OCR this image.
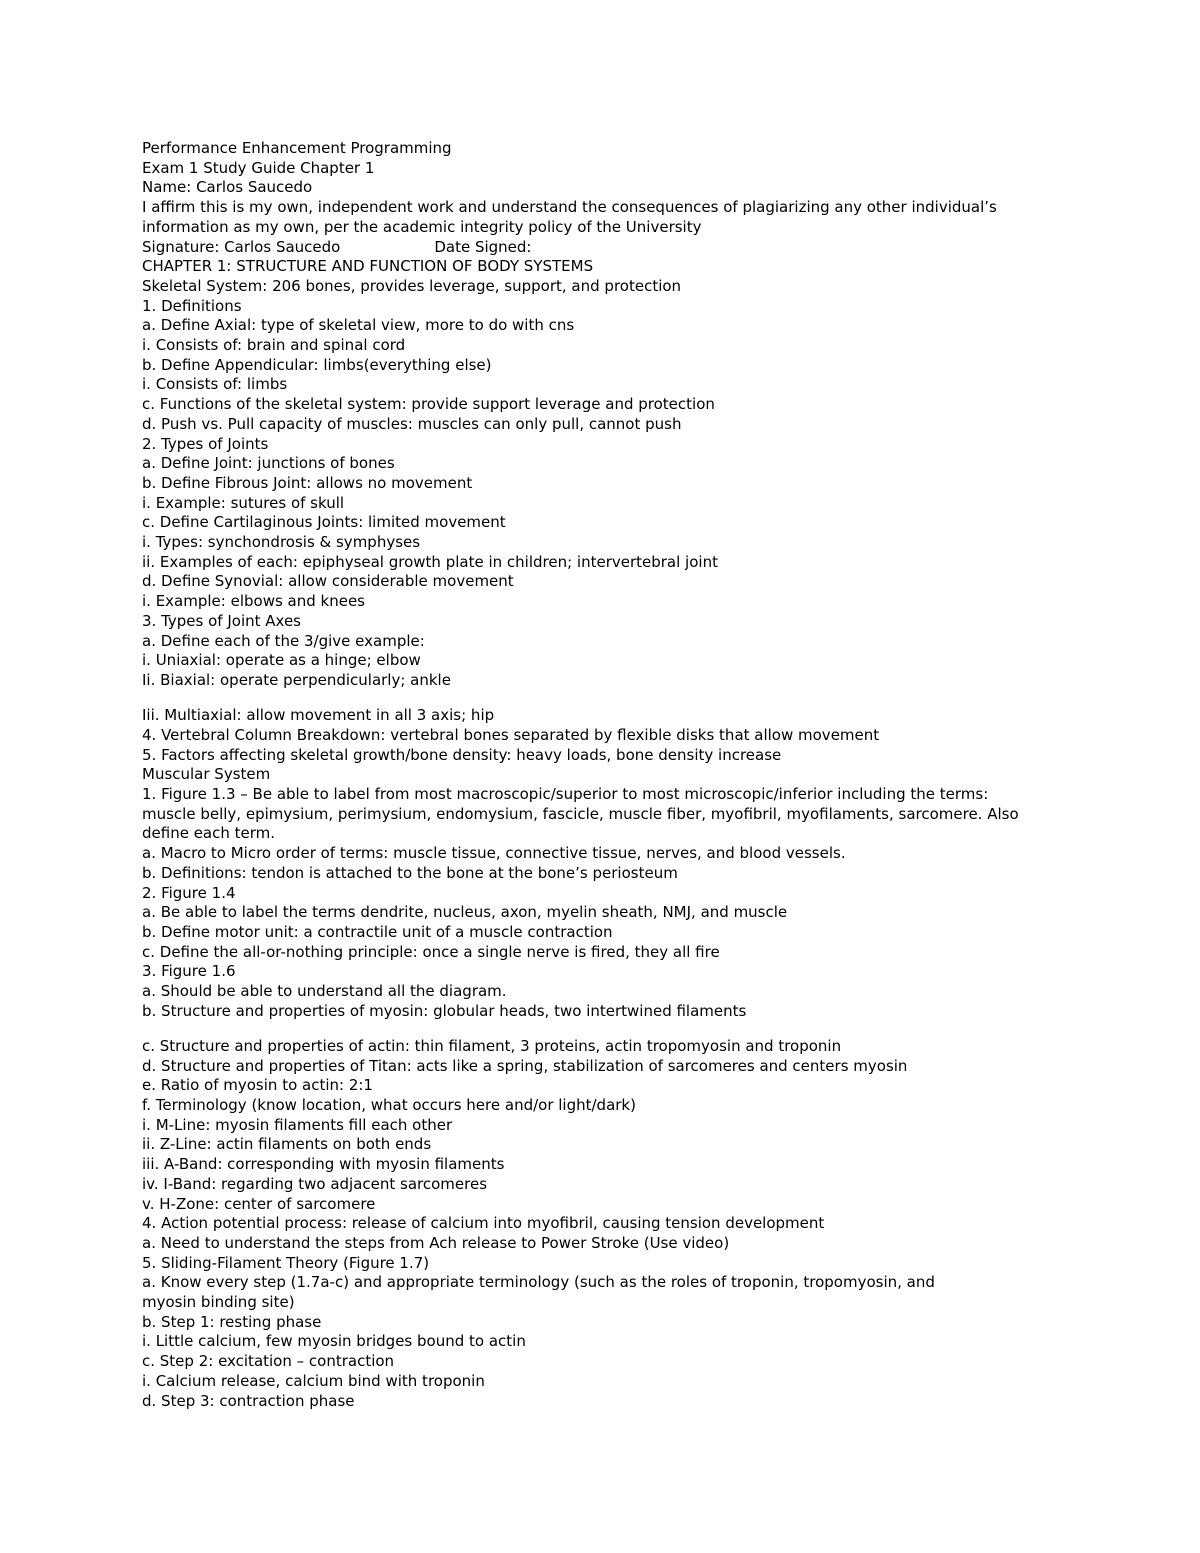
Performance Enhancement Programming
Exam 1 Study Guide Chapter 1
Name: Carlos Saucedo
I affirm this is my own, independent work and understand the consequences of plagiarizing any other individual’s
information as my own, per the academic integrity policy of the University
Signature: Carlos Saucedo	Date Signed:
CHAPTER 1: STRUCTURE AND FUNCTION OF BODY SYSTEMS
Skeletal System: 206 bones, provides leverage, support, and protection
1. Definitions
a. Define Axial: type of skeletal view, more to do with cns
i. Consists of: brain and spinal cord
b. Define Appendicular: limbs(everything else)
i. Consists of: limbs
c. Functions of the skeletal system: provide support leverage and protection
d. Push vs. Pull capacity of muscles: muscles can only pull, cannot push
2. Types of Joints
a. Define Joint: junctions of bones
b. Define Fibrous Joint: allows no movement
i. Example: sutures of skull
c. Define Cartilaginous Joints: limited movement
i. Types: synchondrosis & symphyses
ii. Examples of each: epiphyseal growth plate in children; intervertebral joint
d. Define Synovial: allow considerable movement
i. Example: elbows and knees
3. Types of Joint Axes
a. Define each of the 3/give example:
i. Uniaxial: operate as a hinge; elbow
Ii. Biaxial: operate perpendicularly; ankle
Iii. Multiaxial: allow movement in all 3 axis; hip
4. Vertebral Column Breakdown: vertebral bones separated by flexible disks that allow movement
5. Factors affecting skeletal growth/bone density: heavy loads, bone density increase
Muscular System
1. Figure 1.3 – Be able to label from most macroscopic/superior to most microscopic/inferior including the terms:
muscle belly, epimysium, perimysium, endomysium, fascicle, muscle fiber, myofibril, myofilaments, sarcomere. Also
define each term.
a. Macro to Micro order of terms: muscle tissue, connective tissue, nerves, and blood vessels.
b. Definitions: tendon is attached to the bone at the bone’s periosteum
2. Figure 1.4
a. Be able to label the terms dendrite, nucleus, axon, myelin sheath, NMJ, and muscle
b. Define motor unit: a contractile unit of a muscle contraction
c. Define the all-or-nothing principle: once a single nerve is fired, they all fire
3. Figure 1.6
a. Should be able to understand all the diagram.
b. Structure and properties of myosin: globular heads, two intertwined filaments
c. Structure and properties of actin: thin filament, 3 proteins, actin tropomyosin and troponin
d. Structure and properties of Titan: acts like a spring, stabilization of sarcomeres and centers myosin
e. Ratio of myosin to actin: 2:1
f. Terminology (know location, what occurs here and/or light/dark)
i. M-Line: myosin filaments fill each other
ii. Z-Line: actin filaments on both ends
iii. A-Band: corresponding with myosin filaments
iv. I-Band: regarding two adjacent sarcomeres
v. H-Zone: center of sarcomere
4. Action potential process: release of calcium into myofibril, causing tension development
a. Need to understand the steps from Ach release to Power Stroke (Use video)
5. Sliding-Filament Theory (Figure 1.7)
a. Know every step (1.7a-c) and appropriate terminology (such as the roles of troponin, tropomyosin, and
myosin binding site)
b. Step 1: resting phase
i. Little calcium, few myosin bridges bound to actin
c. Step 2: excitation – contraction
i. Calcium release, calcium bind with troponin
d. Step 3: contraction phase
